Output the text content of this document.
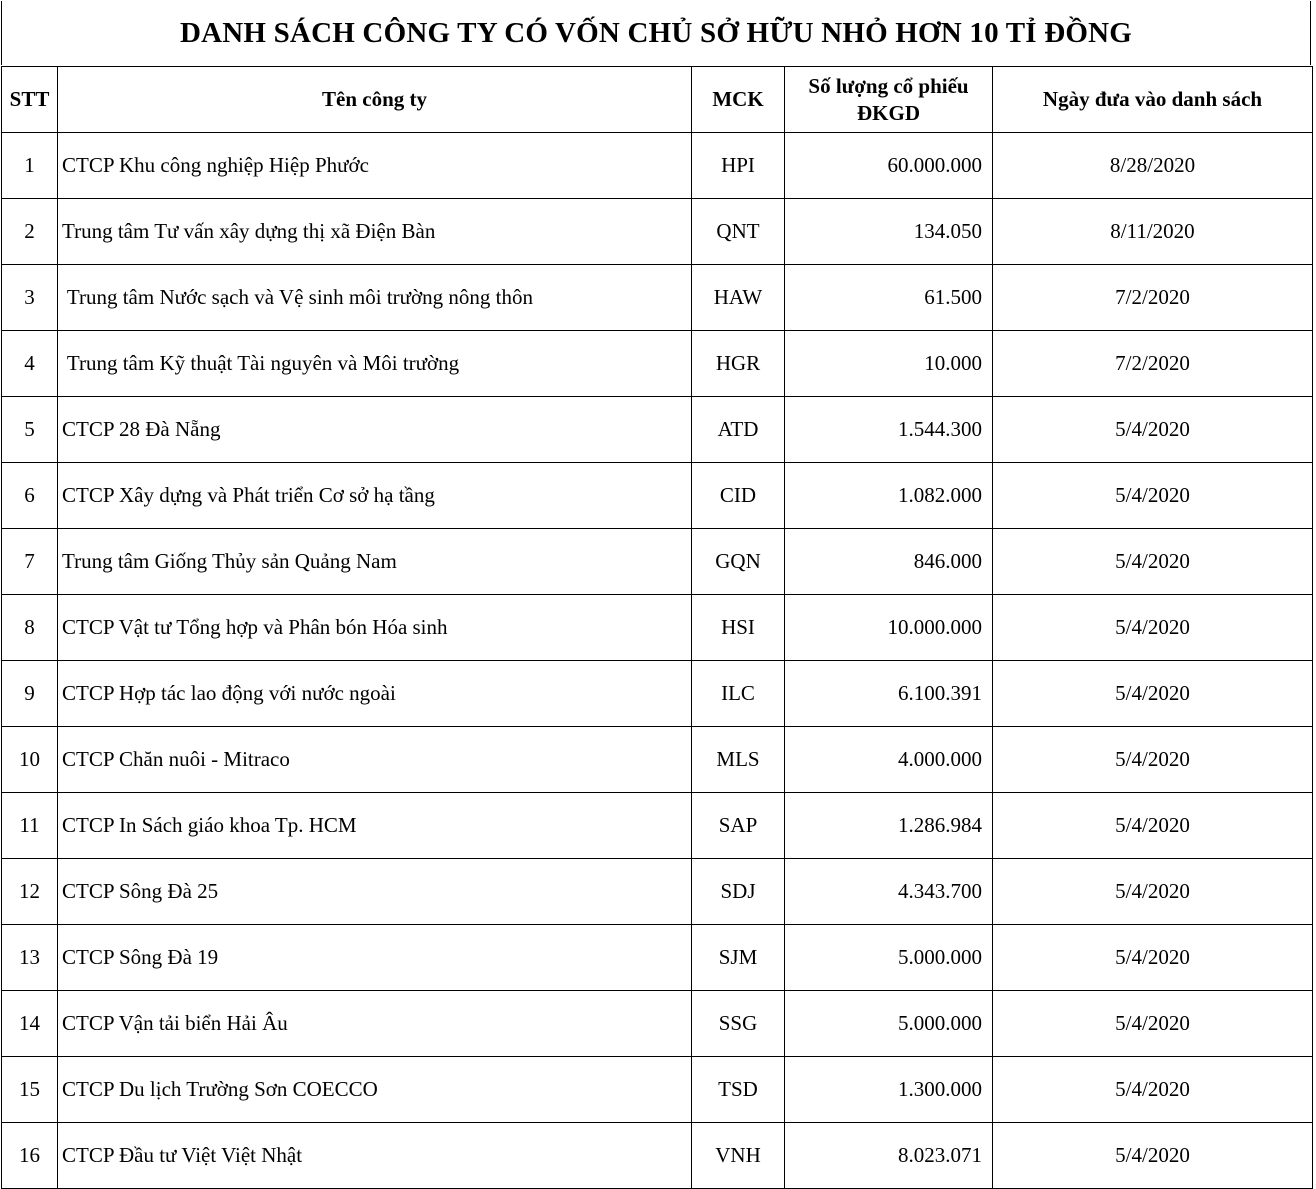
DANH SÁCH CÔNG TY CÓ VỐN CHỦ SỞ HỮU NHỎ HƠN 10 TỈ ĐỒNG
STT	Tên công ty	MCK	Số lượng cổ phiếu ĐKGD	Ngày đưa vào danh sách
1	CTCP Khu công nghiệp Hiệp Phước	HPI	60.000.000	8/28/2020
2	Trung tâm Tư vấn xây dựng thị xã Điện Bàn	QNT	134.050	8/11/2020
3	Trung tâm Nước sạch và Vệ sinh môi trường nông thôn	HAW	61.500	7/2/2020
4	Trung tâm Kỹ thuật Tài nguyên và Môi trường	HGR	10.000	7/2/2020
5	CTCP 28 Đà Nẵng	ATD	1.544.300	5/4/2020
6	CTCP Xây dựng và Phát triển Cơ sở hạ tầng	CID	1.082.000	5/4/2020
7	Trung tâm Giống Thủy sản Quảng Nam	GQN	846.000	5/4/2020
8	CTCP Vật tư Tổng hợp và Phân bón Hóa sinh	HSI	10.000.000	5/4/2020
9	CTCP Hợp tác lao động với nước ngoài	ILC	6.100.391	5/4/2020
10	CTCP Chăn nuôi - Mitraco	MLS	4.000.000	5/4/2020
11	CTCP In Sách giáo khoa Tp. HCM	SAP	1.286.984	5/4/2020
12	CTCP Sông Đà 25	SDJ	4.343.700	5/4/2020
13	CTCP Sông Đà 19	SJM	5.000.000	5/4/2020
14	CTCP Vận tải biển Hải Âu	SSG	5.000.000	5/4/2020
15	CTCP Du lịch Trường Sơn COECCO	TSD	1.300.000	5/4/2020
16	CTCP Đầu tư Việt Việt Nhật	VNH	8.023.071	5/4/2020
